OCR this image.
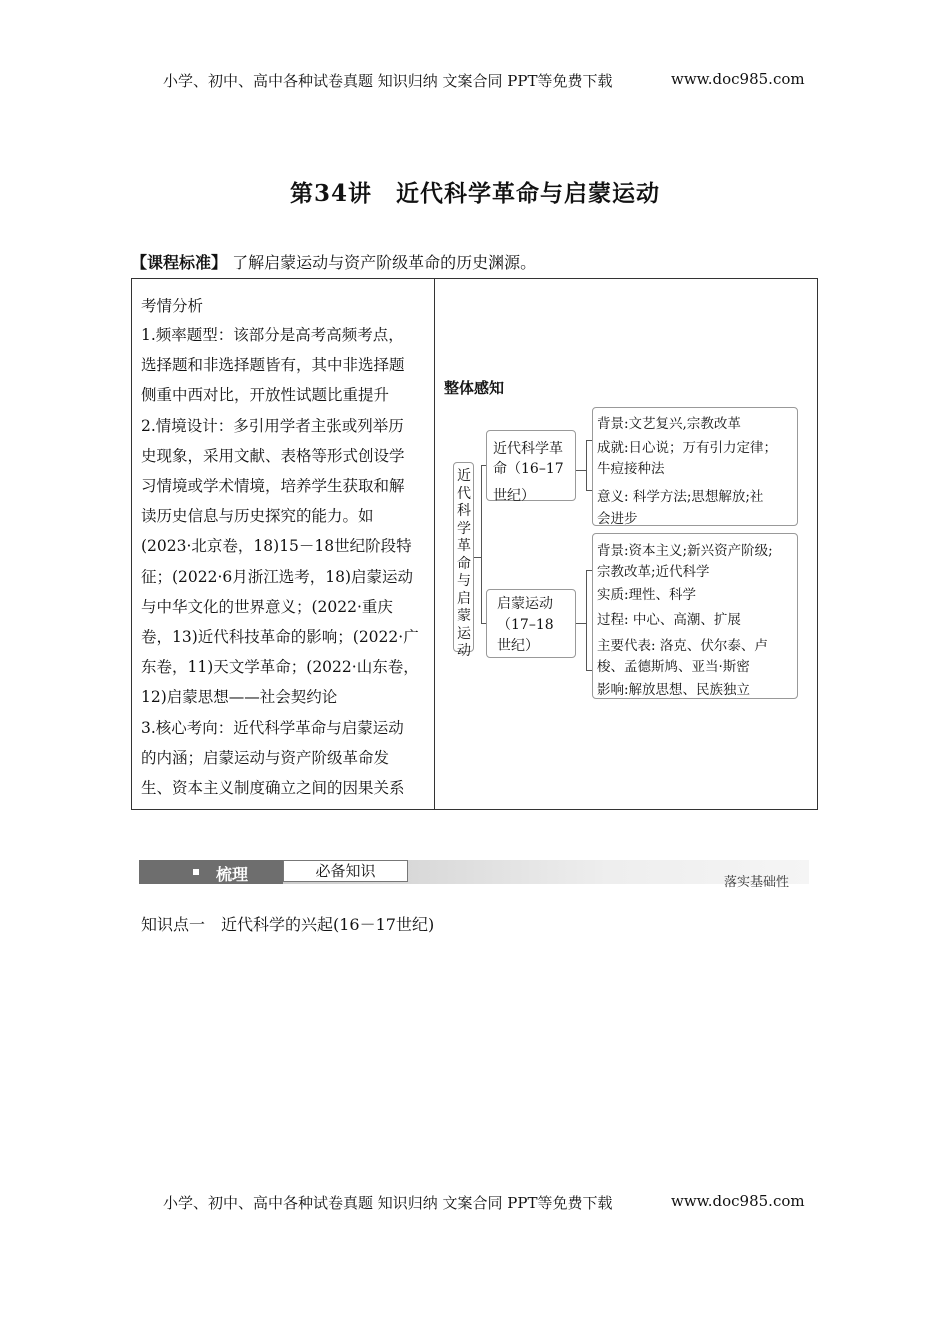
小学、初中、高中各种试卷真题 知识归纳 文案合同 PPT等免费下载	www.doc985.com
第34讲　近代科学革命与启蒙运动
【课程标准】 了解启蒙运动与资产阶级革命的历史渊源。
考情分析
整体感知
近代科学革命与启蒙运动
梳理	必备知识
落实基础性
知识点一　近代科学的兴起(16－17世纪)
小学、初中、高中各种试卷真题 知识归纳 文案合同 PPT等免费下载	www.doc985.com
1.频率题型：该部分是高考高频考点，
选择题和非选择题皆有，其中非选择题
侧重中西对比，开放性试题比重提升
2.情境设计：多引用学者主张或列举历
史现象，采用文献、表格等形式创设学
习情境或学术情境，培养学生获取和解
读历史信息与历史探究的能力。如
(2023·北京卷，18)15－18世纪阶段特
征；(2022·6月浙江选考，18)启蒙运动
与中华文化的世界意义；(2022·重庆
卷，13)近代科技革命的影响；(2022·广
东卷，11)天文学革命；(2022·山东卷，
12)启蒙思想——社会契约论
3.核心考向：近代科学革命与启蒙运动
的内涵；启蒙运动与资产阶级革命发
生、资本主义制度确立之间的因果关系
近代科学革
命（16–17
世纪）
启蒙运动
（17–18
世纪）
背景:文艺复兴,宗教改革
成就:日心说；万有引力定律；
牛痘接种法
意义: 科学方法;思想解放;社
会进步
背景:资本主义;新兴资产阶级;
宗教改革;近代科学
实质:理性、科学
过程: 中心、高潮、扩展
主要代表: 洛克、伏尔泰、卢
梭、孟德斯鸠、亚当·斯密
影响:解放思想、民族独立
